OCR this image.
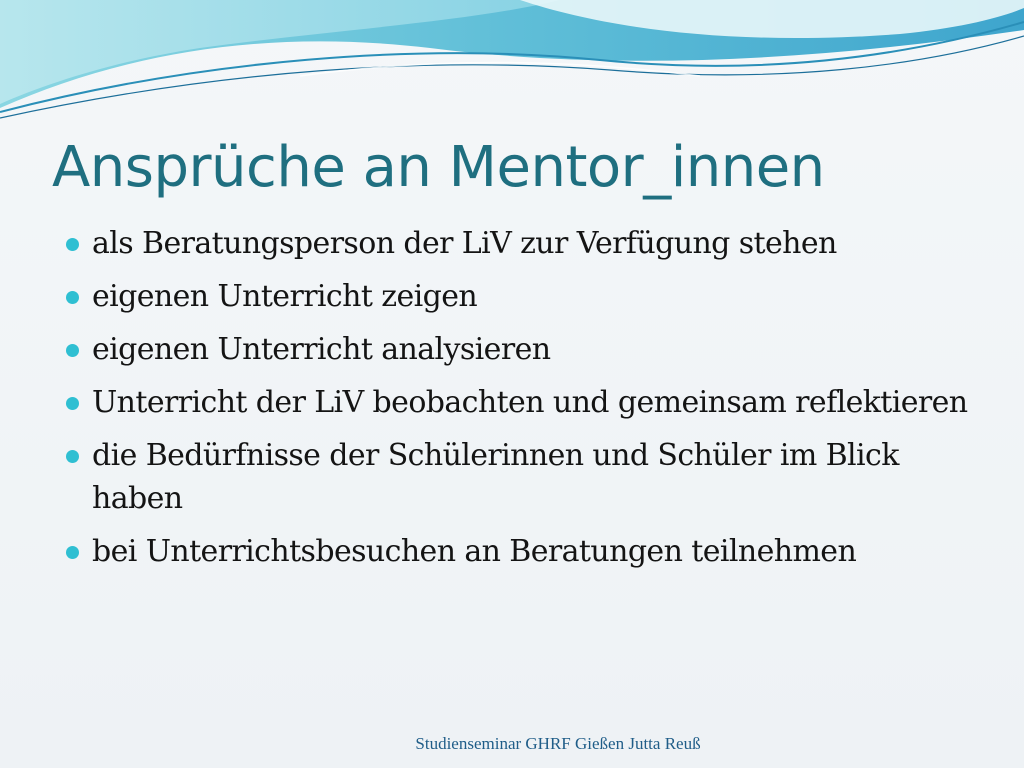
Ansprüche an Mentor_innen
als Beratungsperson der LiV zur Verfügung stehen
eigenen Unterricht zeigen
eigenen Unterricht analysieren
Unterricht der LiV beobachten und gemeinsam reflektieren
die Bedürfnisse der Schülerinnen und Schüler im Blick haben
bei Unterrichtsbesuchen an Beratungen teilnehmen
Studienseminar GHRF Gießen Jutta Reuß
